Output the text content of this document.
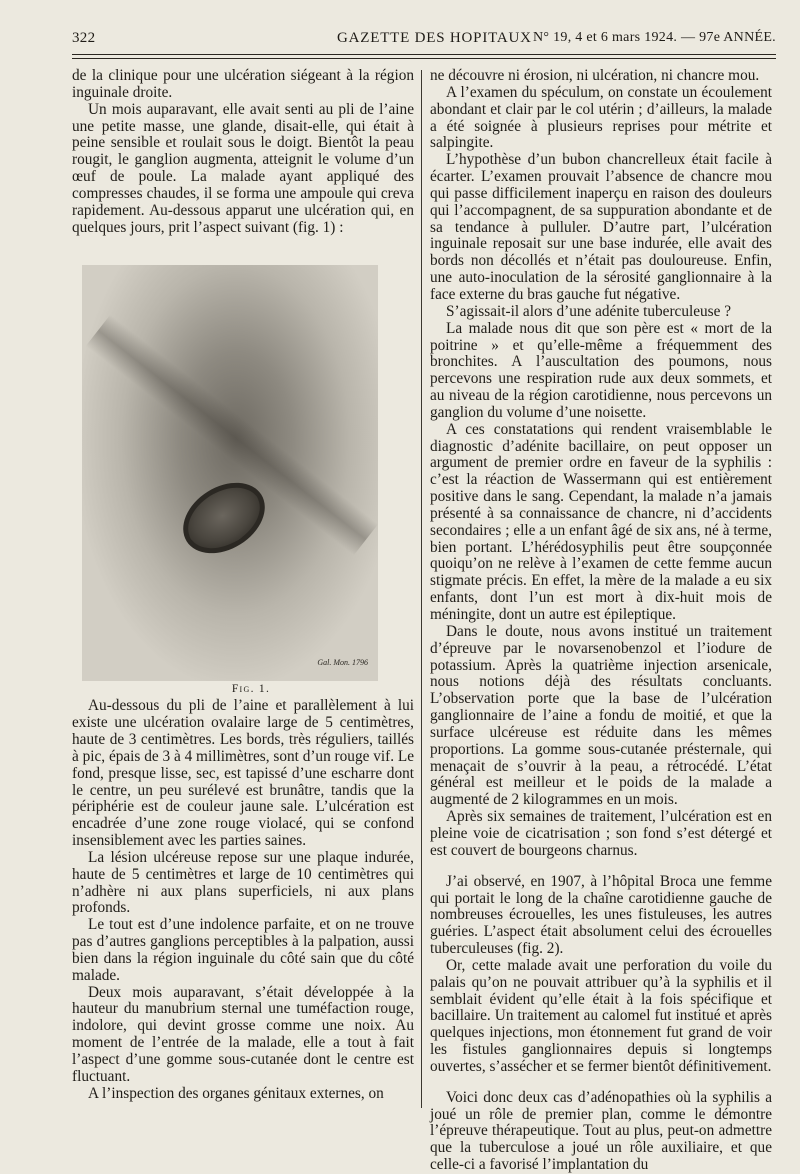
322	GAZETTE DES HOPITAUX N° 19, 4 et 6 mars 1924. — 97e ANNÉE.

de la clinique pour une ulcération siégeant à la région inguinale droite.

Un mois auparavant, elle avait senti au pli de l’aine une petite masse, une glande, disait-elle, qui était à peine sensible et roulait sous le doigt. Bientôt la peau rougit, le ganglion augmenta, atteignit le volume d’un œuf de poule. La malade ayant appliqué des compresses chaudes, il se forma une ampoule qui creva rapidement. Au-dessous apparut une ulcération qui, en quelques jours, prit l’aspect suivant (fig. 1) :

Gal. Mon. 1796

Fig. 1.

Au-dessous du pli de l’aine et parallèlement à lui existe une ulcération ovalaire large de 5 centimètres, haute de 3 centimètres. Les bords, très réguliers, taillés à pic, épais de 3 à 4 millimètres, sont d’un rouge vif. Le fond, presque lisse, sec, est tapissé d’une escharre dont le centre, un peu surélevé est brunâtre, tandis que la périphérie est de couleur jaune sale. L’ulcération est encadrée d’une zone rouge violacé, qui se confond insensiblement avec les parties saines.

La lésion ulcéreuse repose sur une plaque indurée, haute de 5 centimètres et large de 10 centimètres qui n’adhère ni aux plans superficiels, ni aux plans profonds.

Le tout est d’une indolence parfaite, et on ne trouve pas d’autres ganglions perceptibles à la palpation, aussi bien dans la région inguinale du côté sain que du côté malade.

Deux mois auparavant, s’était développée à la hauteur du manubrium sternal une tuméfaction rouge, indolore, qui devint grosse comme une noix. Au moment de l’entrée de la malade, elle a tout à fait l’aspect d’une gomme sous-cutanée dont le centre est fluctuant.

A l’inspection des organes génitaux externes, on

ne découvre ni érosion, ni ulcération, ni chancre mou.

A l’examen du spéculum, on constate un écoulement abondant et clair par le col utérin ; d’ailleurs, la malade a été soignée à plusieurs reprises pour métrite et salpingite.

L’hypothèse d’un bubon chancrelleux était facile à écarter. L’examen prouvait l’absence de chancre mou qui passe difficilement inaperçu en raison des douleurs qui l’accompagnent, de sa suppuration abondante et de sa tendance à pulluler. D’autre part, l’ulcération inguinale reposait sur une base indurée, elle avait des bords non décollés et n’était pas douloureuse. Enfin, une auto-inoculation de la sérosité ganglionnaire à la face externe du bras gauche fut négative.

S’agissait-il alors d’une adénite tuberculeuse ?

La malade nous dit que son père est « mort de la poitrine » et qu’elle-même a fréquemment des bronchites. A l’auscultation des poumons, nous percevons une respiration rude aux deux sommets, et au niveau de la région carotidienne, nous percevons un ganglion du volume d’une noisette.

A ces constatations qui rendent vraisemblable le diagnostic d’adénite bacillaire, on peut opposer un argument de premier ordre en faveur de la syphilis : c’est la réaction de Wassermann qui est entièrement positive dans le sang. Cependant, la malade n’a jamais présenté à sa connaissance de chancre, ni d’accidents secondaires ; elle a un enfant âgé de six ans, né à terme, bien portant. L’hérédosyphilis peut être soupçonnée quoiqu’on ne relève à l’examen de cette femme aucun stigmate précis. En effet, la mère de la malade a eu six enfants, dont l’un est mort à dix-huit mois de méningite, dont un autre est épileptique.

Dans le doute, nous avons institué un traitement d’épreuve par le novarsenobenzol et l’iodure de potassium. Après la quatrième injection arsenicale, nous notions déjà des résultats concluants. L’observation porte que la base de l’ulcération ganglionnaire de l’aine a fondu de moitié, et que la surface ulcéreuse est réduite dans les mêmes proportions. La gomme sous-cutanée présternale, qui menaçait de s’ouvrir à la peau, a rétrocédé. L’état général est meilleur et le poids de la malade a augmenté de 2 kilogrammes en un mois.

Après six semaines de traitement, l’ulcération est en pleine voie de cicatrisation ; son fond s’est détergé et est couvert de bourgeons charnus.

J’ai observé, en 1907, à l’hôpital Broca une femme qui portait le long de la chaîne carotidienne gauche de nombreuses écrouelles, les unes fistuleuses, les autres guéries. L’aspect était absolument celui des écrouelles tuberculeuses (fig. 2).

Or, cette malade avait une perforation du voile du palais qu’on ne pouvait attribuer qu’à la syphilis et il semblait évident qu’elle était à la fois spécifique et bacillaire. Un traitement au calomel fut institué et après quelques injections, mon étonnement fut grand de voir les fistules ganglionnaires depuis si longtemps ouvertes, s’assécher et se fermer bientôt définitivement.

Voici donc deux cas d’adénopathies où la syphilis a joué un rôle de premier plan, comme le démontre l’épreuve thérapeutique. Tout au plus, peut-on admettre que la tuberculose a joué un rôle auxiliaire, et que celle-ci a favorisé l’implantation du
